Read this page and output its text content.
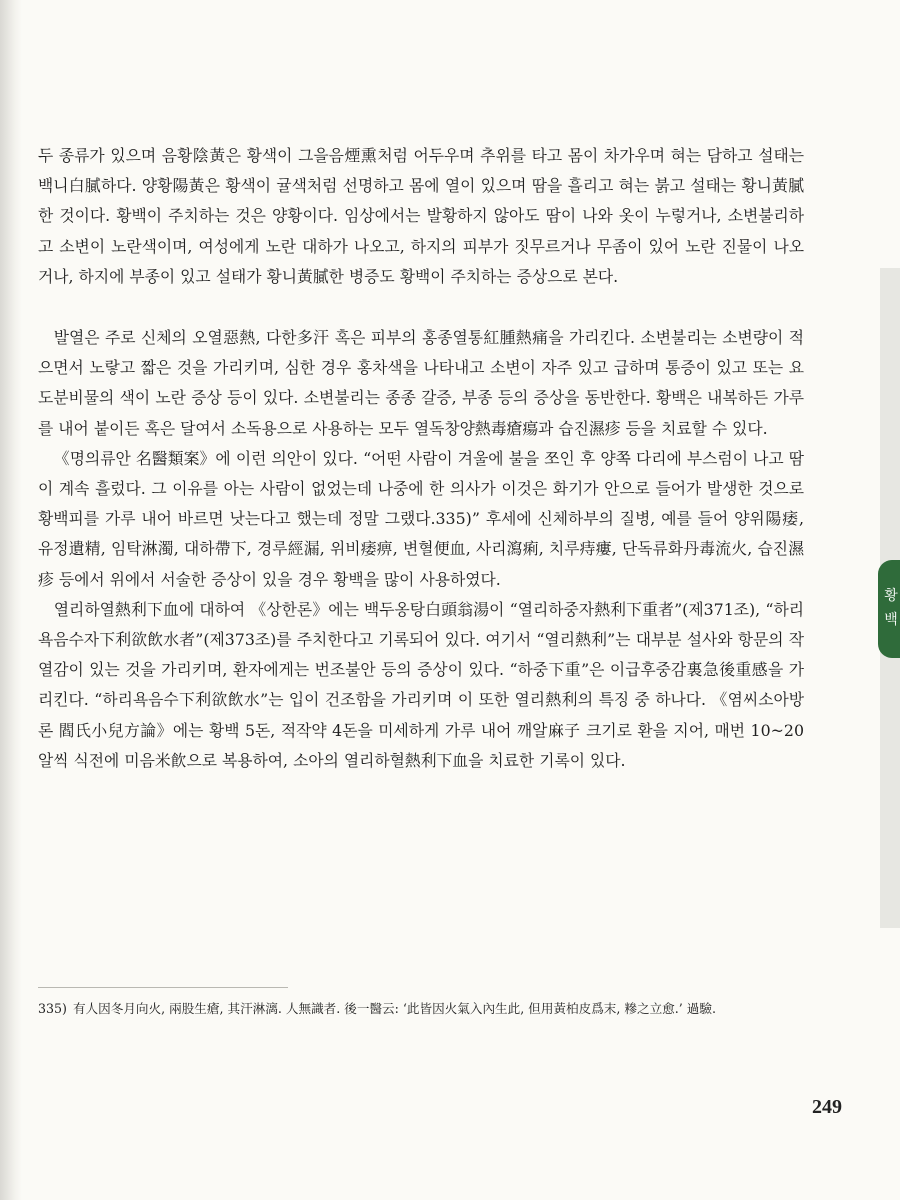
황
백

두 종류가 있으며 음황陰黃은 황색이 그을음煙熏처럼 어두우며 추위를 타고 몸이 차가우며 혀는 담하고 설태는 백니白膩하다. 양황陽黃은 황색이 귤색처럼 선명하고 몸에 열이 있으며 땀을 흘리고 혀는 붉고 설태는 황니黃膩한 것이다. 황백이 주치하는 것은 양황이다. 임상에서는 발황하지 않아도 땀이 나와 옷이 누렇거나, 소변불리하고 소변이 노란색이며, 여성에게 노란 대하가 나오고, 하지의 피부가 짓무르거나 무좀이 있어 노란 진물이 나오거나, 하지에 부종이 있고 설태가 황니黃膩한 병증도 황백이 주치하는 증상으로 본다.

발열은 주로 신체의 오열惡熱, 다한多汗 혹은 피부의 홍종열통紅腫熱痛을 가리킨다. 소변불리는 소변량이 적으면서 노랗고 짧은 것을 가리키며, 심한 경우 홍차색을 나타내고 소변이 자주 있고 급하며 통증이 있고 또는 요도분비물의 색이 노란 증상 등이 있다. 소변불리는 종종 갈증, 부종 등의 증상을 동반한다. 황백은 내복하든 가루를 내어 붙이든 혹은 달여서 소독용으로 사용하는 모두 열독창양熱毒瘡瘍과 습진濕疹 등을 치료할 수 있다.

《명의류안 名醫類案》에 이런 의안이 있다. “어떤 사람이 겨울에 불을 쪼인 후 양쪽 다리에 부스럼이 나고 땀이 계속 흘렀다. 그 이유를 아는 사람이 없었는데 나중에 한 의사가 이것은 화기가 안으로 들어가 발생한 것으로 황백피를 가루 내어 바르면 낫는다고 했는데 정말 그랬다.335)” 후세에 신체하부의 질병, 예를 들어 양위陽痿, 유정遺精, 임탁淋濁, 대하帶下, 경루經漏, 위비痿痹, 변혈便血, 사리瀉痢, 치루痔瘻, 단독류화丹毒流火, 습진濕疹 등에서 위에서 서술한 증상이 있을 경우 황백을 많이 사용하였다.

열리하열熱利下血에 대하여 《상한론》에는 백두옹탕白頭翁湯이 “열리하중자熱利下重者”(제371조), “하리욕음수자下利欲飲水者”(제373조)를 주치한다고 기록되어 있다. 여기서 “열리熱利”는 대부분 설사와 항문의 작열감이 있는 것을 가리키며, 환자에게는 번조불안 등의 증상이 있다. “하중下重”은 이급후중감裏急後重感을 가리킨다. “하리욕음수下利欲飲水”는 입이 건조함을 가리키며 이 또한 열리熱利의 특징 중 하나다. 《염씨소아방론 閻氏小兒方論》에는 황백 5돈, 적작약 4돈을 미세하게 가루 내어 깨알麻子 크기로 환을 지어, 매번 10~20알씩 식전에 미음米飮으로 복용하여, 소아의 열리하혈熱利下血을 치료한 기록이 있다.

335) 有人因冬月向火, 兩股生瘡, 其汗淋漓. 人無識者. 後一醫云: ‘此皆因火氣入內生此, 但用黃柏皮爲末, 糝之立愈.’ 過驗.

249
